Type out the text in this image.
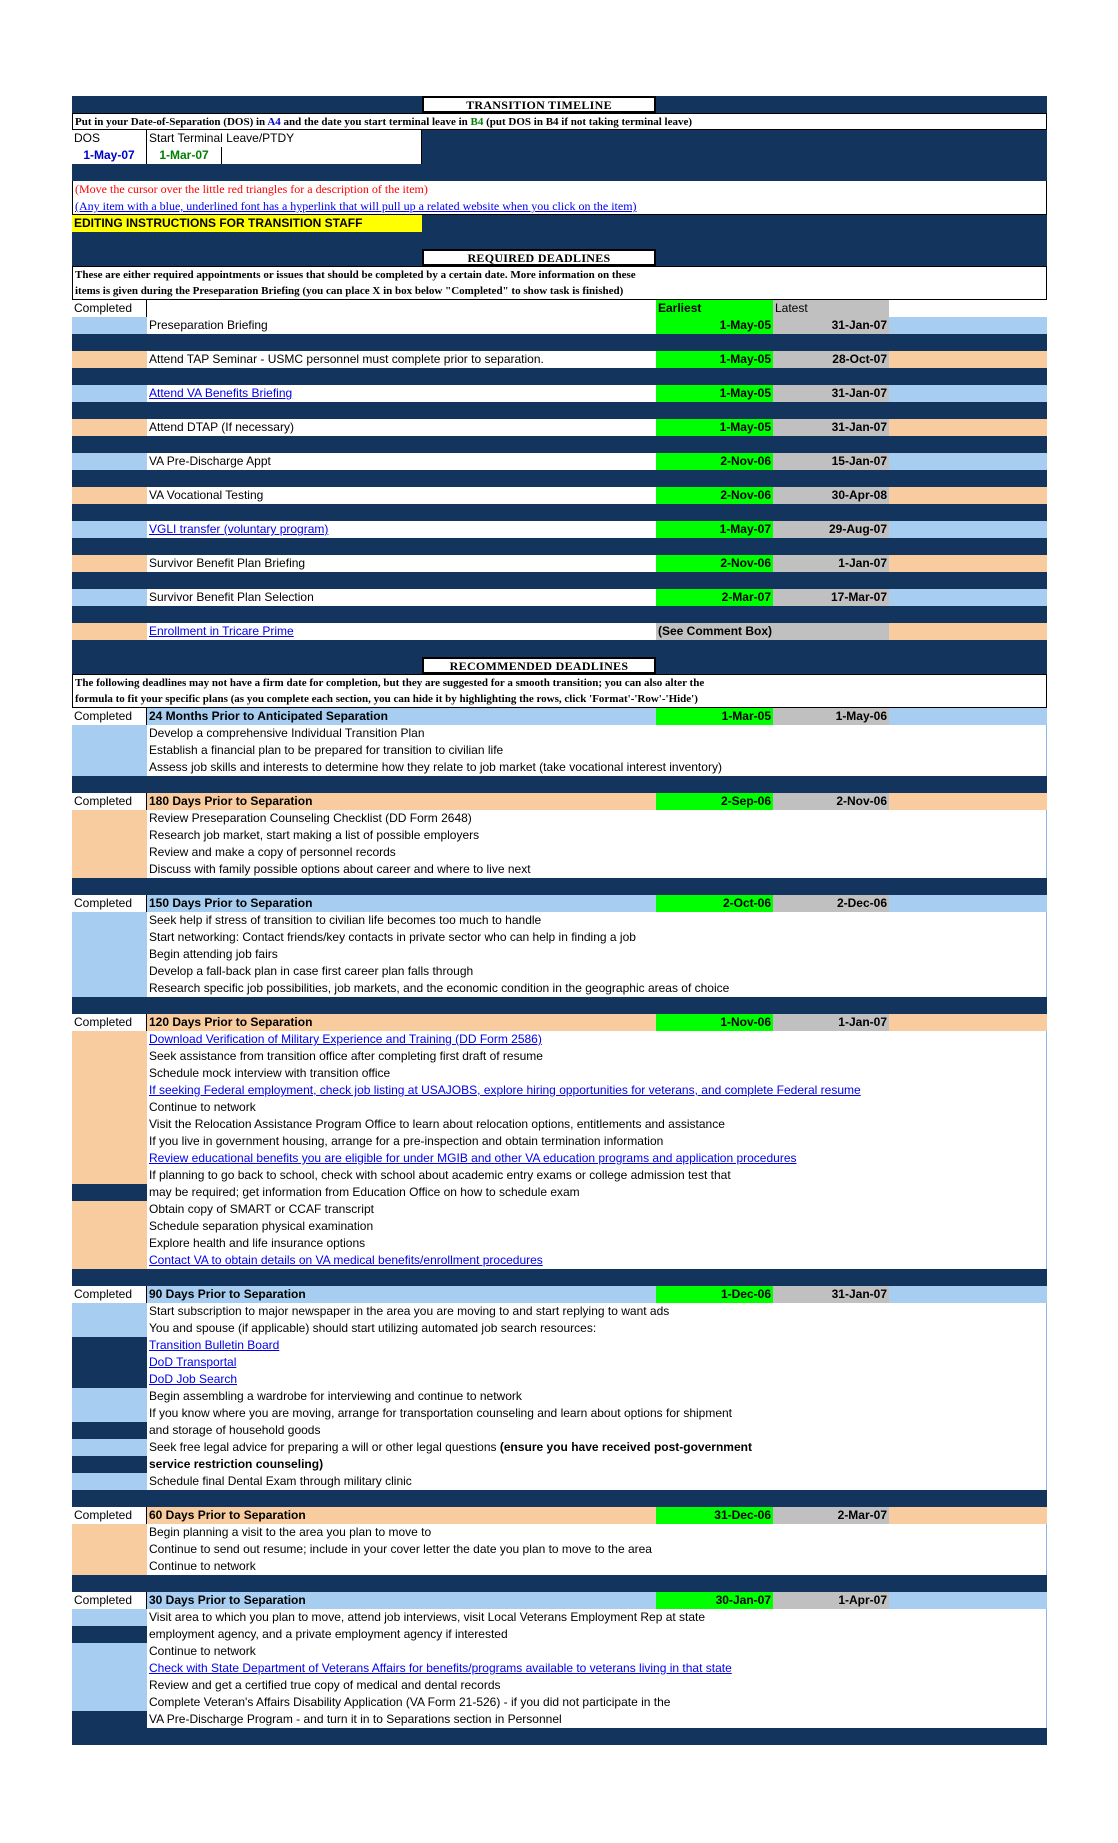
TRANSITION TIMELINE
Put in your Date-of-Separation (DOS) in A4 and the date you start terminal leave in B4 (put DOS in B4 if not taking terminal leave)
DOS	Start Terminal Leave/PTDY
1-May-07	1-Mar-07
(Move the cursor over the little red triangles for a description of the item)
(Any item with a blue, underlined font has a hyperlink that will pull up a related website when you click on the item)
EDITING INSTRUCTIONS FOR TRANSITION STAFF
REQUIRED DEADLINES
These are either required appointments or issues that should be completed by a certain date. More information on these
items is given during the Preseparation Briefing (you can place X in box below "Completed" to show task is finished)
Completed	Earliest	Latest
Preseparation Briefing	1-May-05	31-Jan-07
Attend TAP Seminar - USMC personnel must complete prior to separation.	1-May-05	28-Oct-07
Attend VA Benefits Briefing	1-May-05	31-Jan-07
Attend DTAP (If necessary)	1-May-05	31-Jan-07
VA Pre-Discharge Appt	2-Nov-06	15-Jan-07
VA Vocational Testing	2-Nov-06	30-Apr-08
VGLI transfer (voluntary program)	1-May-07	29-Aug-07
Survivor Benefit Plan Briefing	2-Nov-06	1-Jan-07
Survivor Benefit Plan Selection	2-Mar-07	17-Mar-07
Enrollment in Tricare Prime	(See Comment Box)
RECOMMENDED DEADLINES
The following deadlines may not have a firm date for completion, but they are suggested for a smooth transition; you can also alter the
formula to fit your specific plans (as you complete each section, you can hide it by highlighting the rows, click 'Format'-'Row'-'Hide')
Completed	24 Months Prior to Anticipated Separation	1-Mar-05	1-May-06
Develop a comprehensive Individual Transition Plan
Establish a financial plan to be prepared for transition to civilian life
Assess job skills and interests to determine how they relate to job market (take vocational interest inventory)
Completed	180 Days Prior to Separation	2-Sep-06	2-Nov-06
Review Preseparation Counseling Checklist (DD Form 2648)
Research job market, start making a list of possible employers
Review and make a copy of personnel records
Discuss with family possible options about career and where to live next
Completed	150 Days Prior to Separation	2-Oct-06	2-Dec-06
Seek help if stress of transition to civilian life becomes too much to handle
Start networking: Contact friends/key contacts in private sector who can help in finding a job
Begin attending job fairs
Develop a fall-back plan in case first career plan falls through
Research specific job possibilities, job markets, and the economic condition in the geographic areas of choice
Completed	120 Days Prior to Separation	1-Nov-06	1-Jan-07
Download Verification of Military Experience and Training (DD Form 2586)
Seek assistance from transition office after completing first draft of resume
Schedule mock interview with transition office
If seeking Federal employment, check job listing at USAJOBS, explore hiring opportunities for veterans, and complete Federal resume
Continue to network
Visit the Relocation Assistance Program Office to learn about relocation options, entitlements and assistance
If you live in government housing, arrange for a pre-inspection and obtain termination information
Review educational benefits you are eligible for under MGIB and other VA education programs and application procedures
If planning to go back to school, check with school about academic entry exams or college admission test that
may be required; get information from Education Office on how to schedule exam
Obtain copy of SMART or CCAF transcript
Schedule separation physical examination
Explore health and life insurance options
Contact VA to obtain details on VA medical benefits/enrollment procedures
Completed	90 Days Prior to Separation	1-Dec-06	31-Jan-07
Start subscription to major newspaper in the area you are moving to and start replying to want ads
You and spouse (if applicable) should start utilizing automated job search resources:
Transition Bulletin Board
DoD Transportal
DoD Job Search
Begin assembling a wardrobe for interviewing and continue to network
If you know where you are moving, arrange for transportation counseling and learn about options for shipment
and storage of household goods
Seek free legal advice for preparing a will or other legal questions (ensure you have received post-government
service restriction counseling)
Schedule final Dental Exam through military clinic
Completed	60 Days Prior to Separation	31-Dec-06	2-Mar-07
Begin planning a visit to the area you plan to move to
Continue to send out resume; include in your cover letter the date you plan to move to the area
Continue to network
Completed	30 Days Prior to Separation	30-Jan-07	1-Apr-07
Visit area to which you plan to move, attend job interviews, visit Local Veterans Employment Rep at state
employment agency, and a private employment agency if interested
Continue to network
Check with State Department of Veterans Affairs for benefits/programs available to veterans living in that state
Review and get a certified true copy of medical and dental records
Complete Veteran's Affairs Disability Application (VA Form 21-526) - if you did not participate in the
VA Pre-Discharge Program - and turn it in to Separations section in Personnel
